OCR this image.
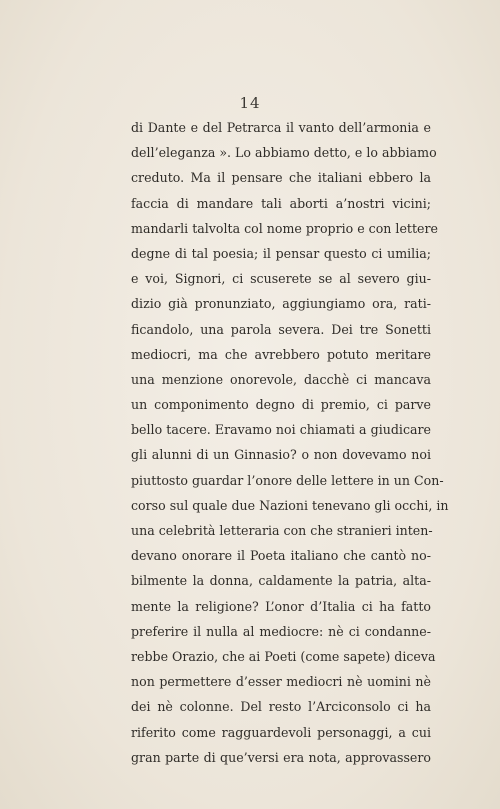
14
di Dante e del Petrarca il vanto dell’armonia e
dell’eleganza ». Lo abbiamo detto, e lo abbiamo
creduto. Ma il pensare che italiani ebbero la
faccia di mandare tali aborti a’nostri vicini;
mandarli talvolta col nome proprio e con lettere
degne di tal poesia; il pensar questo ci umilia;
e voi, Signori, ci scuserete se al severo giu-
dizio già pronunziato, aggiungiamo ora, rati-
ficandolo, una parola severa. Dei tre Sonetti
mediocri, ma che avrebbero potuto meritare
una menzione onorevole, dacchè ci mancava
un componimento degno di premio, ci parve
bello tacere. Eravamo noi chiamati a giudicare
gli alunni di un Ginnasio? o non dovevamo noi
piuttosto guardar l’onore delle lettere in un Con-
corso sul quale due Nazioni tenevano gli occhi, in
una celebrità letteraria con che stranieri inten-
devano onorare il Poeta italiano che cantò no-
bilmente la donna, caldamente la patria, alta-
mente la religione? L’onor d’Italia ci ha fatto
preferire il nulla al mediocre: nè ci condanne-
rebbe Orazio, che ai Poeti (come sapete) diceva
non permettere d’esser mediocri nè uomini nè
dei nè colonne. Del resto l’Arciconsolo ci ha
riferito come ragguardevoli personaggi, a cui
gran parte di que’versi era nota, approvassero
